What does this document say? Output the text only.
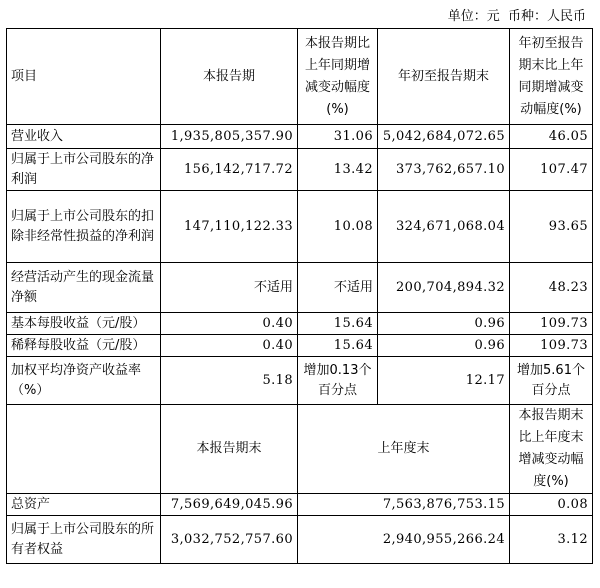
单位：元  币种：人民币
项目	本报告期	本报告期比上年同期增减变动幅度(%)	年初至报告期末	年初至报告期末比上年同期增减变动幅度(%)
营业收入	1,935,805,357.90	31.06	5,042,684,072.65	46.05
归属于上市公司股东的净利润	156,142,717.72	13.42	373,762,657.10	107.47
归属于上市公司股东的扣除非经常性损益的净利润	147,110,122.33	10.08	324,671,068.04	93.65
经营活动产生的现金流量净额	不适用	不适用	200,704,894.32	48.23
基本每股收益（元/股）	0.40	15.64	0.96	109.73
稀释每股收益（元/股）	0.40	15.64	0.96	109.73
加权平均净资产收益率（%）	5.18	增加0.13个百分点	12.17	增加5.61个百分点
	本报告期末	上年度末		本报告期末比上年度末增减变动幅度(%)
总资产	7,569,649,045.96	7,563,876,753.15		0.08
归属于上市公司股东的所有者权益	3,032,752,757.60	2,940,955,266.24		3.12
